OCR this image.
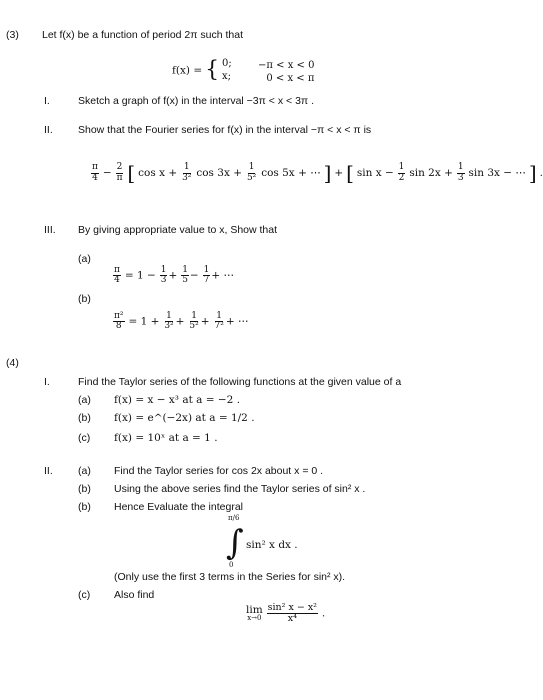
(3) Let f(x) be a function of period 2π such that
f(x) = { 0;
x;
−π < x < 0
0 < x < π
I.	Sketch a graph of f(x) in the interval −3π < x < 3π .
II. Show that the Fourier series for f(x) in the interval −π < x < π is
$\frac{\pi}{4} - \frac{2}{\pi}$ [ $\cos x + \frac{1}{\text{3²}}$ $\cos 3x + \frac{1}{\text{5²}}$ cos 5x + ⋯ ] + [ $\sin x - \frac{1}{2}$ $\sin 2x + \frac{1}{3}$ sin 3x − ⋯ ] .
III. By giving appropriate value to x, Show that
(a)
$\frac{\pi}{4} = 1 - \frac{1}{3} + \frac{1}{5} - \frac{1}{7}$ + ⋯
(b)
$\frac{\text{π²}}{8} = 1 + \frac{1}{\text{3²}} + \frac{1}{\text{5²}} + \frac{1}{\text{7²}}$ + ⋯
(4)
I.	Find the Taylor series of the following functions at the given value of a
(a) f(x) = x − x³ at a = −2 .
(b) f(x) = e^(−2x) at a = 1/2 .
(c) f(x) = 10ˣ at a = 1 .
II. (a) Find the Taylor series for cos 2x about x = 0 .
(b) Using the above series find the Taylor series of sin² x .
(b) Hence Evaluate the integral
π/6
∫
0
sin² x dx .
(Only use the first 3 terms in the Series for sin² x).
(c) Also find
lim
x→0
$\frac{\text{sin² x − x²}}{\text{x⁴}}$ .
